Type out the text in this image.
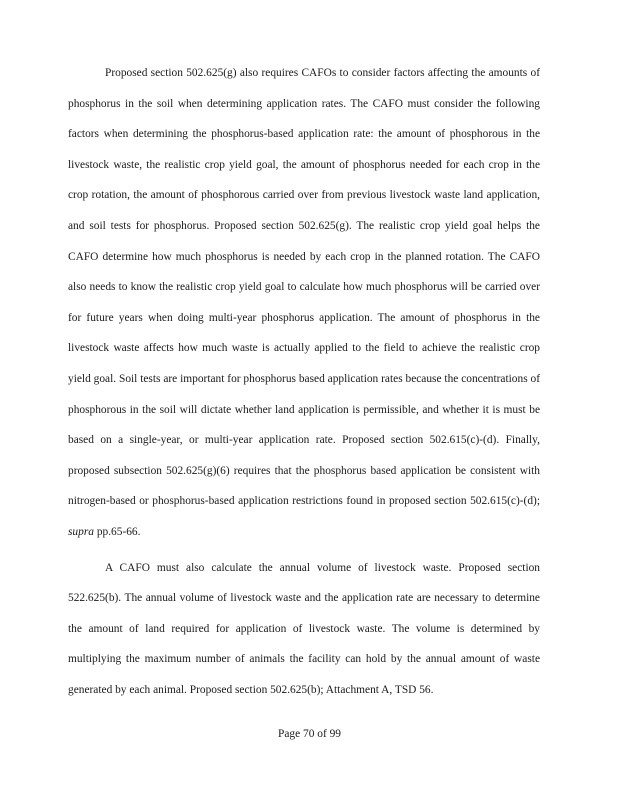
Proposed section 502.625(g) also requires CAFOs to consider factors affecting the amounts of phosphorus in the soil when determining application rates. The CAFO must consider the following factors when determining the phosphorus-based application rate: the amount of phosphorous in the livestock waste, the realistic crop yield goal, the amount of phosphorus needed for each crop in the crop rotation, the amount of phosphorous carried over from previous livestock waste land application, and soil tests for phosphorus. Proposed section 502.625(g). The realistic crop yield goal helps the CAFO determine how much phosphorus is needed by each crop in the planned rotation. The CAFO also needs to know the realistic crop yield goal to calculate how much phosphorus will be carried over for future years when doing multi-year phosphorus application. The amount of phosphorus in the livestock waste affects how much waste is actually applied to the field to achieve the realistic crop yield goal. Soil tests are important for phosphorus based application rates because the concentrations of phosphorous in the soil will dictate whether land application is permissible, and whether it is must be based on a single-year, or multi-year application rate. Proposed section 502.615(c)-(d). Finally, proposed subsection 502.625(g)(6) requires that the phosphorus based application be consistent with nitrogen-based or phosphorus-based application restrictions found in proposed section 502.615(c)-(d); supra pp.65-66.

A CAFO must also calculate the annual volume of livestock waste. Proposed section 522.625(b). The annual volume of livestock waste and the application rate are necessary to determine the amount of land required for application of livestock waste. The volume is determined by multiplying the maximum number of animals the facility can hold by the annual amount of waste generated by each animal. Proposed section 502.625(b); Attachment A, TSD 56.

Page 70 of 99
